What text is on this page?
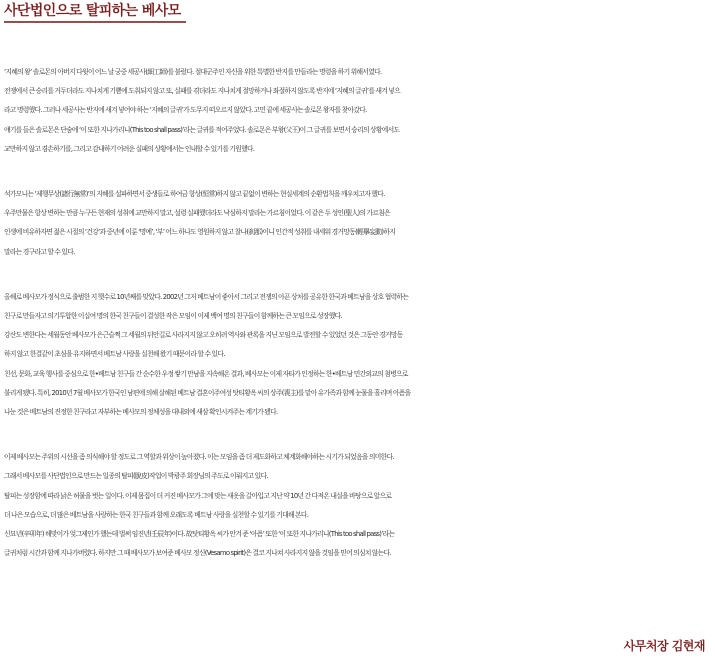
사단법인으로 탈피하는 베사모
‘지혜의 왕’ 솔로몬의 아버지 다윗이 어느 날 궁중 세공사(細工師)를 불렀다. 절대군주인 자신을 위한 특별한 반지를 만들라는 명령을 하기 위해서였다.
전쟁에서 큰 승리를 거두더라도 지나치게 기쁨에 도취되지 않고 또, 실패를 겪더라도 지나치게 절망하거나 좌절하지 않도록 반지에 ‘지혜의 글귀’를 새겨 넣으
라고 명령했다. 그러나 세공사는 반지에 새겨 넣어야 하는 ‘지혜의 글귀’가 도무지 떠오르지 않았다. 고민 끝에 세공사는 솔로몬 왕자를 찾아갔다.
얘기를 들은 솔로몬은 단숨에 ‘이 또한 지나가리니(This too shall pass)’라는 글귀를 적어주었다. 솔로몬은 부왕(父王)이 그 글귀를 보면서 승리의 상황에서도
교만하지 않고 겸손하기를, 그리고 감내하기 어려운 실패의 상황에서는 인내할 수 있기를 기원했다.
석가모니는 ‘제행무상(諸行無常)’의 지혜를 설파하면서 중생들로 하여금 항상(恒常)하지 않고 끝없이 변하는 현실세계의 순환법칙을 깨우치고자 했다.
우주만물은 항상 변하는 만큼 누구든 현재의 성취에 교만하지 말고, 설령 실패했더라도 낙심하지 말라는 가르침이었다. 이 같은 두 성인(聖人)의 가르침은
인생에 비유하자면 젊은 시절의 ‘건강’과 중년에 이룬 ‘명예’, ‘부’ 어느 하나도 영원하지 않고 찰나(刹那)이니 인간적 성취를 내세워 경거망동(輕擧妄動)하지
말라는 경구라고 할 수 있다.
올해로 베사모가 정식으로 출범한 지 햇수로 10년째를 맞았다. 2002년 그저 베트남이 좋아서 그리고 전쟁의 아픈 상처를 공유한 한국과 베트남을 상호 협력하는
친구로 만들자고 의기투합한 이십여 명의 한국 친구들이 결성한 작은 모임이 이제 백여 명의 친구들이 함께하는 큰 모임으로 성장했다.
강산도 변한다는 세월동안 베사모가 은근슬쩍 그 세월의 뒤안길로 사라지지 않고 오히려 역사와 관록을 지닌 모임으로 발전할 수 있었던 것은 그동안 경거망동
하지 않고 한결같이 초심을 유지하면서 베트남 사랑을 실천해 왔기 때문이라 할 수 있다.
친선, 문화, 교육 행사를 중심으로 한•베트남 친구들 간 순수한 우정 쌓기 만남을 지속해온 결과, 베사모는 이제 자타가 인정하는 한•베트남 민간외교의 첨병으로
불리게 됐다. 특히, 2010년 7월 베사모가 한국인 남편에 의해 살해된 베트남 결혼이주여성 탓티황옥 씨의 상주(喪主)를 맡아 유가족과 함께 눈물을 흘리며 아픔을
나눈 것은 베트남의 진정한 친구라고 자부하는 베사모의 정체성을 대내외에 새삼 확인시켜주는 계기가 됐다.
이제 베사모는 주위의 시선을 좀 의식해야 할 정도로 그 역할과 위상이 높아졌다. 이는 모임을 좀 더 제도화하고 체계화해야하는 시기가 되었음을 의미한다.
그래서 베사모를 사단법인으로 만드는 일종의 탈피(脫皮)작업이 박광주 회장님의 주도로 이뤄지고 있다.
탈피는 성장함에 따라 낡은 허물을 벗는 일이다. 이제 몸집이 더 커진 베사모가 그에 맞는 새옷을 갈아입고 지난 약 10년 간 다져온 내실을 바탕으로 앞으로
더 나은 모습으로, 더 많은 베트남을 사랑하는 한국 친구들과 함께 오래도록 베트남 사랑을 실천할 수 있기를 기대해 본다.
신묘년(辛卯年) 해맞이가 엊그제인가 했는데 벌써 임진년(壬辰年)이다. 故탓티황옥 씨가 안겨 준 ‘아픔’ 또한 ‘이 또한 지나가리니(This too shall pass)’라는
글귀처럼 시간과 함께 지나가버렸다. 하지만 그 때 베사모가 보여준 베사모 정신(Vesamo spirit)은 결코 지나쳐 사라지지 않을 것임을 믿어 의심치 않는다.
사무처장 김현재
